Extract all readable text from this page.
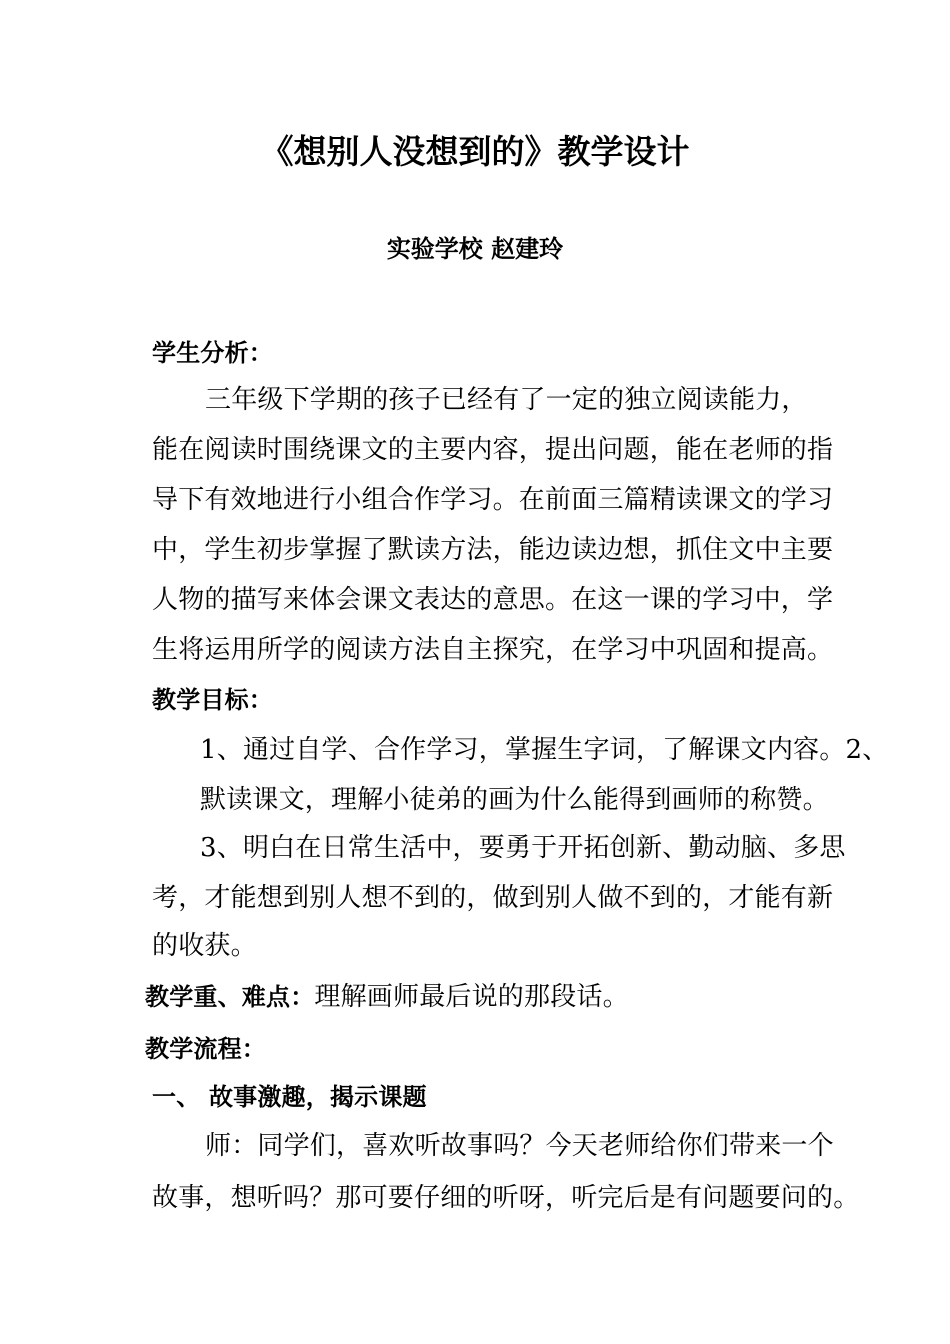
《想别人没想到的》教学设计
实验学校 赵建玲
学生分析：
三年级下学期的孩子已经有了一定的独立阅读能力，
能在阅读时围绕课文的主要内容，提出问题，能在老师的指
导下有效地进行小组合作学习。在前面三篇精读课文的学习
中，学生初步掌握了默读方法，能边读边想，抓住文中主要
人物的描写来体会课文表达的意思。在这一课的学习中，学
生将运用所学的阅读方法自主探究，在学习中巩固和提高。
教学目标：
1、通过自学、合作学习，掌握生字词，了解课文内容。2、
默读课文，理解小徒弟的画为什么能得到画师的称赞。
3、明白在日常生活中，要勇于开拓创新、勤动脑、多思
考，才能想到别人想不到的，做到别人做不到的，才能有新
的收获。
教学重、难点：理解画师最后说的那段话。
教学流程：
一、 故事激趣，揭示课题
师：同学们，喜欢听故事吗？今天老师给你们带来一个
故事，想听吗？那可要仔细的听呀，听完后是有问题要问的。
